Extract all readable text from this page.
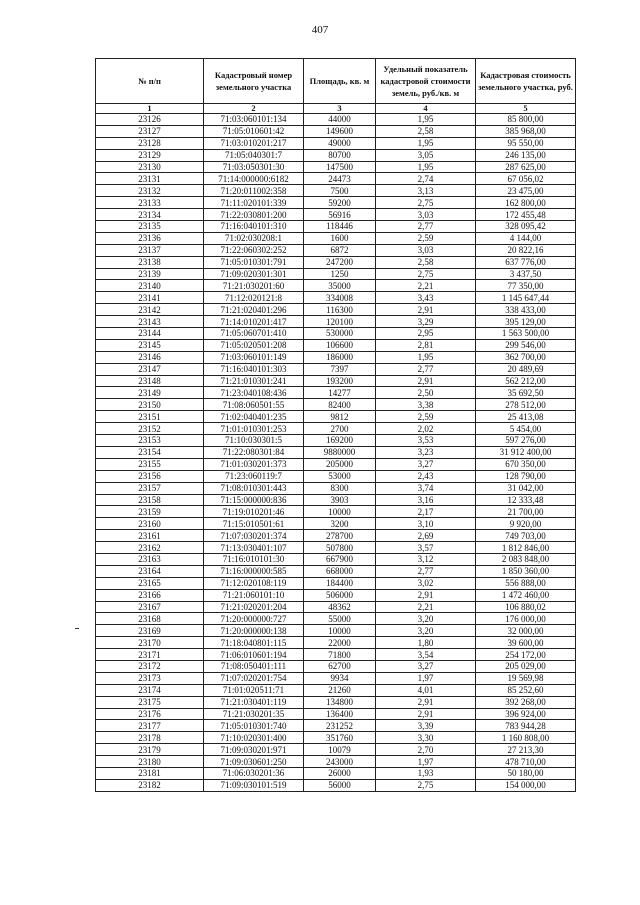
407
№ п/п	Кадастровый номер земельного участка	Площадь, кв. м	Удельный показатель кадастровой стоимости земель, руб./кв. м	Кадастровая стоимость земельного участка, руб.
1	2	3	4	5
23126	71:03:060101:134	44000	1,95	85 800,00
23127	71:05:010601:42	149600	2,58	385 968,00
23128	71:03:010201:217	49000	1,95	95 550,00
23129	71:05:040301:7	80700	3,05	246 135,00
23130	71:03:050301:30	147500	1,95	287 625,00
23131	71:14:000000:6182	24473	2,74	67 056,02
23132	71:20:011002:358	7500	3,13	23 475,00
23133	71:11:020101:339	59200	2,75	162 800,00
23134	71:22:030801:200	56916	3,03	172 455,48
23135	71:16:040101:310	118446	2,77	328 095,42
23136	71:02:030208:1	1600	2,59	4 144,00
23137	71:22:060302:252	6872	3,03	20 822,16
23138	71:05:010301:791	247200	2,58	637 776,00
23139	71:09:020301:301	1250	2,75	3 437,50
23140	71:21:030201:60	35000	2,21	77 350,00
23141	71:12:020121:8	334008	3,43	1 145 647,44
23142	71:21:020401:296	116300	2,91	338 433,00
23143	71:14:010201:417	120100	3,29	395 129,00
23144	71:05:060701:410	530000	2,95	1 563 500,00
23145	71:05:020501:208	106600	2,81	299 546,00
23146	71:03:060101:149	186000	1,95	362 700,00
23147	71:16:040101:303	7397	2,77	20 489,69
23148	71:21:010301:241	193200	2,91	562 212,00
23149	71:23:040108:436	14277	2,50	35 692,50
23150	71:08:060501:55	82400	3,38	278 512,00
23151	71:02:040401:235	9812	2,59	25 413,08
23152	71:01:010301:253	2700	2,02	5 454,00
23153	71:10:030301:5	169200	3,53	597 276,00
23154	71:22:080301:84	9880000	3,23	31 912 400,00
23155	71:01:030201:373	205000	3,27	670 350,00
23156	71:23:060119:7	53000	2,43	128 790,00
23157	71:08:010301:443	8300	3,74	31 042,00
23158	71:15:000000:836	3903	3,16	12 333,48
23159	71:19:010201:46	10000	2,17	21 700,00
23160	71:15:010501:61	3200	3,10	9 920,00
23161	71:07:030201:374	278700	2,69	749 703,00
23162	71:13:030401:107	507800	3,57	1 812 846,00
23163	71:16:010101:30	667900	3,12	2 083 848,00
23164	71:16:000000:585	668000	2,77	1 850 360,00
23165	71:12:020108:119	184400	3,02	556 888,00
23166	71:21:060101:10	506000	2,91	1 472 460,00
23167	71:21:020201:204	48362	2,21	106 880,02
23168	71:20:000000:727	55000	3,20	176 000,00
23169	71:20:000000:138	10000	3,20	32 000,00
23170	71:18:040801:115	22000	1,80	39 600,00
23171	71:06:010601:194	71800	3,54	254 172,00
23172	71:08:050401:111	62700	3,27	205 029,00
23173	71:07:020201:754	9934	1,97	19 569,98
23174	71:01:020511:71	21260	4,01	85 252,60
23175	71:21:030401:119	134800	2,91	392 268,00
23176	71:21:030201:35	136400	2,91	396 924,00
23177	71:05:010301:740	231252	3,39	783 944,28
23178	71:10:020301:400	351760	3,30	1 160 808,00
23179	71:09:030201:971	10079	2,70	27 213,30
23180	71:09:030601:250	243000	1,97	478 710,00
23181	71:06:030201:36	26000	1,93	50 180,00
23182	71:09:030101:519	56000	2,75	154 000,00
